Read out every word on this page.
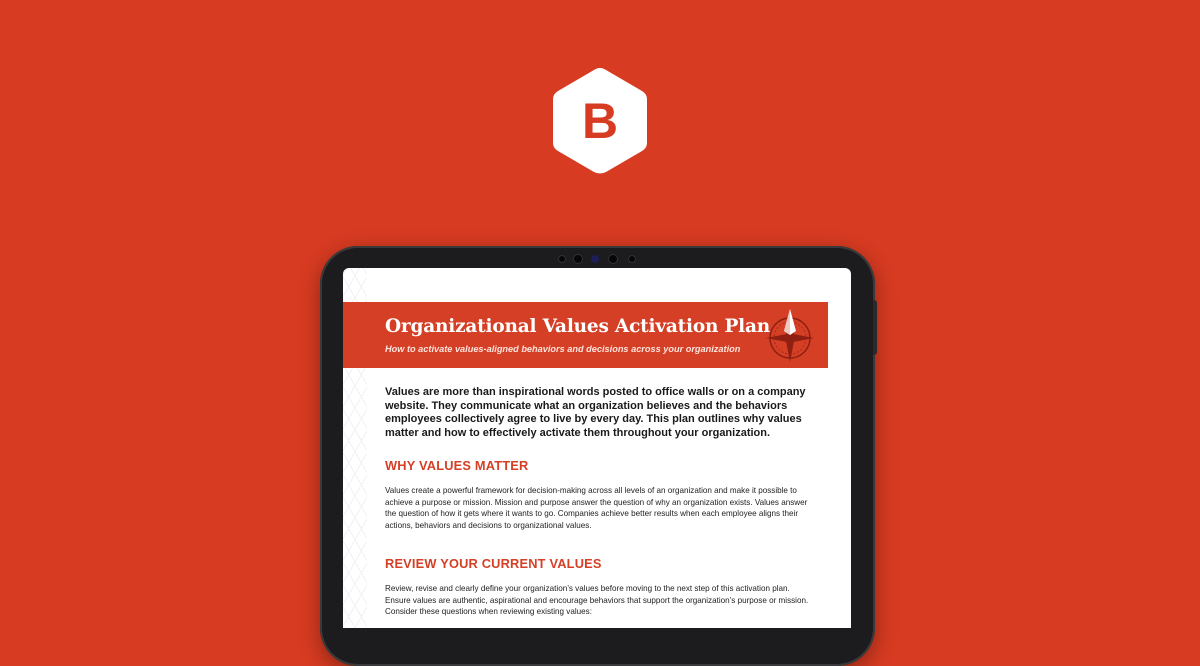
B
Organizational Values Activation Plan

How to activate values-aligned behaviors and decisions across your organization

Values are more than inspirational words posted to office walls or on a company website. They communicate what an organization believes and the behaviors employees collectively agree to live by every day. This plan outlines why values matter and how to effectively activate them throughout your organization.

WHY VALUES MATTER

Values create a powerful framework for decision-making across all levels of an organization and make it possible to achieve a purpose or mission. Mission and purpose answer the question of why an organization exists. Values answer the question of how it gets where it wants to go. Companies achieve better results when each employee aligns their actions, behaviors and decisions to organizational values.

REVIEW YOUR CURRENT VALUES

Review, revise and clearly define your organization’s values before moving to the next step of this activation plan. Ensure values are authentic, aspirational and encourage behaviors that support the organization’s purpose or mission. Consider these questions when reviewing existing values:
